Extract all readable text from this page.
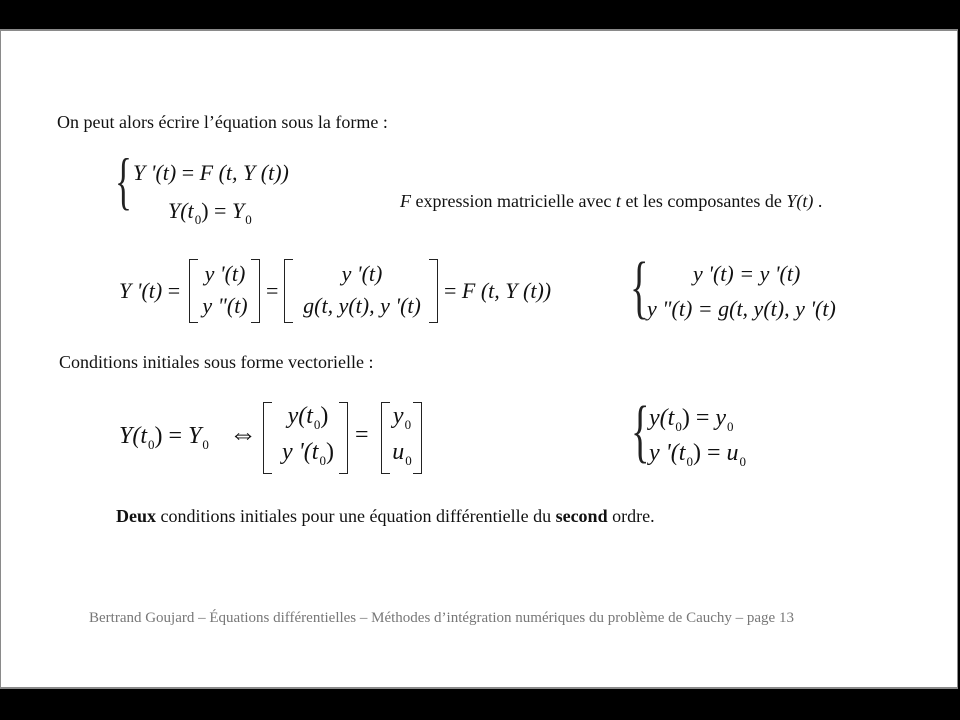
On peut alors écrire l’équation sous la forme :
{ Y '(t) = F (t, Y (t))
$Y(t_0) = Y_0$
F expression matricielle avec t et les composantes de Y(t) .
Y '(t) =
y '(t)
y "(t)
=
y '(t)
g(t, y(t), y '(t)
= F (t, Y (t)) { y '(t) = y '(t)
y "(t) = g(t, y(t), y '(t)
Conditions initiales sous forme vectorielle :
$Y(t_0) = Y_0$ ⇔
$y(t_0)$
y '$(t_0)$
=
$y_0$
$u_0$	{ $y(t_0) = y_0$
y '$(t_0) = u_0$
Deux conditions initiales pour une équation différentielle du second ordre.
Bertrand Goujard – Équations différentielles – Méthodes d’intégration numériques du problème de Cauchy – page 13
